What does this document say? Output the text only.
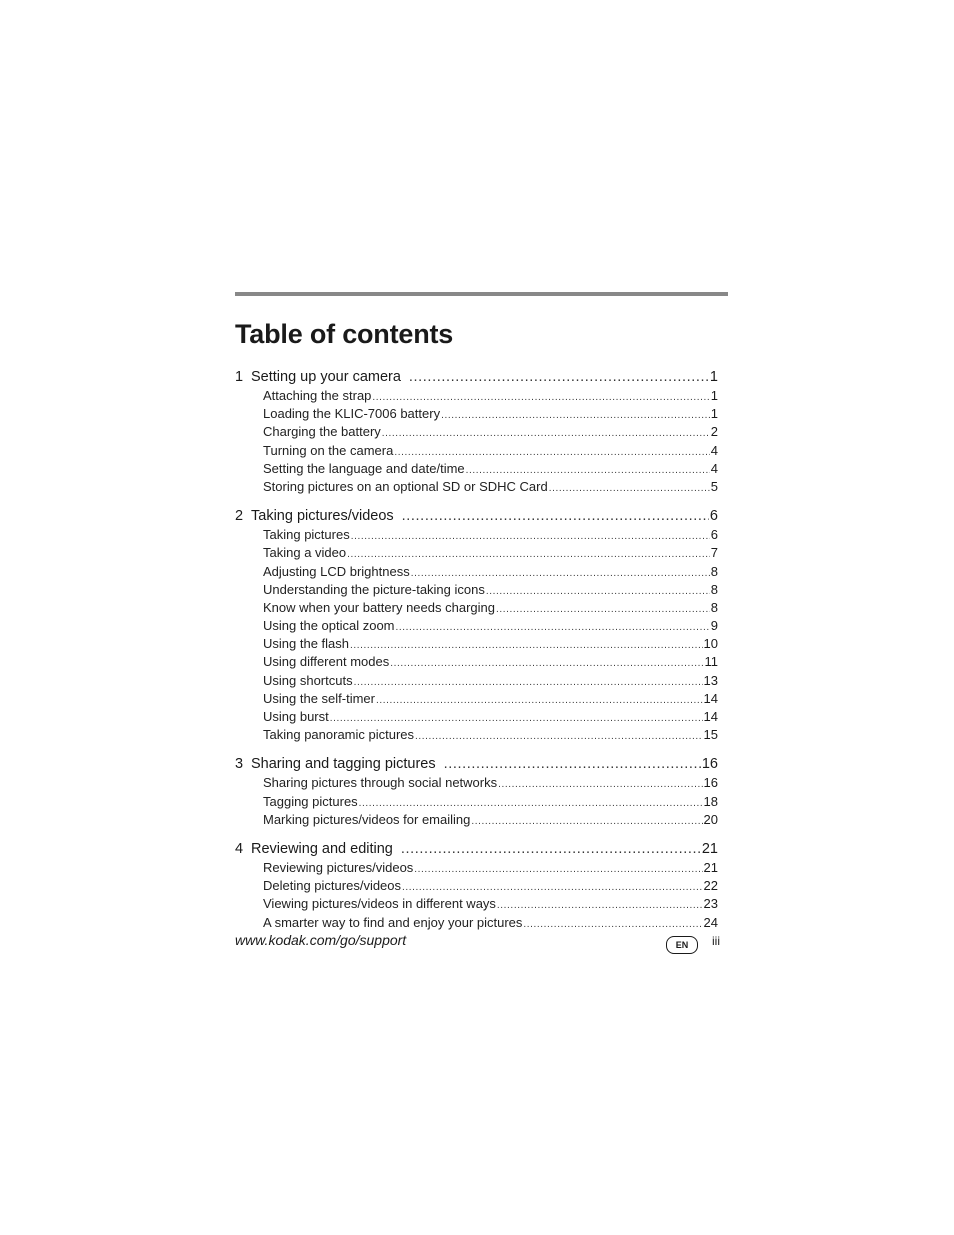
Table of contents
1 Setting up your camera .....	1
Attaching the strap .....	1
Loading the KLIC-7006 battery .....	1
Charging the battery .....	2
Turning on the camera .....	4
Setting the language and date/time .....	4
Storing pictures on an optional SD or SDHC Card .....	5
2 Taking pictures/videos .....	6
Taking pictures .....	6
Taking a video .....	7
Adjusting LCD brightness .....	8
Understanding the picture-taking icons .....	8
Know when your battery needs charging .....	8
Using the optical zoom .....	9
Using the flash .....	10
Using different modes .....	11
Using shortcuts .....	13
Using the self-timer .....	14
Using burst .....	14
Taking panoramic pictures .....	15
3 Sharing and tagging pictures .....	16
Sharing pictures through social networks .....	16
Tagging pictures .....	18
Marking pictures/videos for emailing .....	20
4 Reviewing and editing .....	21
Reviewing pictures/videos .....	21
Deleting pictures/videos .....	22
Viewing pictures/videos in different ways .....	23
A smarter way to find and enjoy your pictures .....	24
www.kodak.com/go/support	EN	iii
